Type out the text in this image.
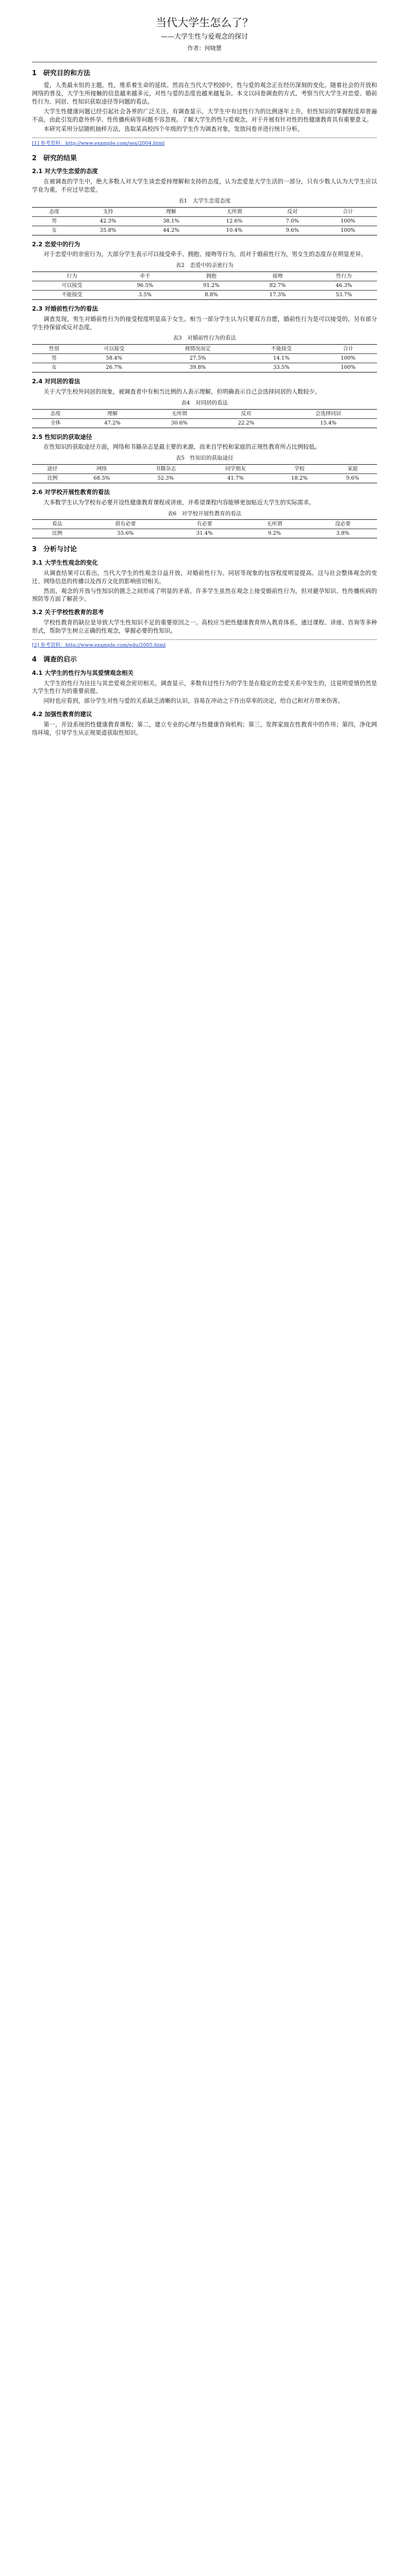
当代大学生怎么了？
——大学生性与爱观念的探讨
作者：何晓慧
1　研究目的和方法

爱，人类最永恒的主题。性，维系着生命的延续。然而在当代大学校园中，性与爱的观念正在经历深刻的变化。随着社会的开放和网络的普及，大学生所接触的信息越来越多元，对性与爱的态度也越来越复杂。本文以问卷调查的方式，考察当代大学生对恋爱、婚前性行为、同居、性知识获取途径等问题的看法。

大学生性健康问题已经引起社会各界的广泛关注。有调查显示，大学生中有过性行为的比例逐年上升，但性知识的掌握程度却普遍不高，由此引发的意外怀孕、性传播疾病等问题不容忽视。了解大学生的性与爱观念，对于开展有针对性的性健康教育具有重要意义。

本研究采用分层随机抽样方法，选取某高校四个年级的学生作为调查对象，发放问卷并进行统计分析。

[1] 参考资料：http://www.example.com/sex/2004.html
2　研究的结果
2.1 对大学生恋爱的态度

在被调查的学生中，绝大多数人对大学生谈恋爱持理解和支持的态度，认为恋爱是大学生活的一部分，只有少数人认为大学生应以学业为重，不应过早恋爱。

表1　大学生恋爱态度
态度	支持	理解	无所谓	反对	合计
男	42.3%	38.1%	12.6%	7.0%	100%
女	35.8%	44.2%	10.4%	9.6%	100%
2.2 恋爱中的行为

对于恋爱中的亲密行为，大部分学生表示可以接受牵手、拥抱、接吻等行为，而对于婚前性行为，男女生的态度存在明显差异。

表2　恋爱中的亲密行为
行为	牵手	拥抱	接吻	性行为
可以接受	96.5%	91.2%	82.7%	46.3%
不能接受	3.5%	8.8%	17.3%	53.7%
2.3 对婚前性行为的看法

调查发现，男生对婚前性行为的接受程度明显高于女生。相当一部分学生认为只要双方自愿，婚前性行为是可以接受的，另有部分学生持保留或反对态度。

表3　对婚前性行为的看法
性别	可以接受	视情况而定	不能接受	合计
男	58.4%	27.5%	14.1%	100%
女	26.7%	39.8%	33.5%	100%
2.4 对同居的看法

关于大学生校外同居的现象，被调查者中有相当比例的人表示理解，但明确表示自己会选择同居的人数较少。

表4　对同居的看法
态度	理解	无所谓	反对	会选择同居
全体	47.2%	30.6%	22.2%	15.4%
2.5 性知识的获取途径

在性知识的获取途径方面，网络和书籍杂志是最主要的来源，而来自学校和家庭的正规性教育所占比例较低。

表5　性知识的获取途径
途径	网络	书籍杂志	同学朋友	学校	家庭
比例	68.5%	52.3%	41.7%	18.2%	9.6%
2.6 对学校开展性教育的看法

大多数学生认为学校有必要开设性健康教育课程或讲座，并希望课程内容能够更加贴近大学生的实际需求。

表6　对学校开展性教育的看法
看法	很有必要	有必要	无所谓	没必要
比例	55.6%	31.4%	9.2%	3.8%
3　分析与讨论
3.1 大学生性观念的变化

从调查结果可以看出，当代大学生的性观念日益开放，对婚前性行为、同居等现象的包容程度明显提高。这与社会整体观念的变迁、网络信息的传播以及西方文化的影响密切相关。

然而，观念的开放与性知识的匮乏之间形成了明显的矛盾。许多学生虽然在观念上接受婚前性行为，但对避孕知识、性传播疾病的预防等方面了解甚少。

3.2 关于学校性教育的思考

学校性教育的缺位是导致大学生性知识不足的重要原因之一。高校应当把性健康教育纳入教育体系，通过课程、讲座、咨询等多种形式，帮助学生树立正确的性观念，掌握必要的性知识。

[2] 参考资料：http://www.example.com/edu/2005.html
4　调查的启示
4.1 大学生的性行为与其爱情观念相关

大学生的性行为往往与其恋爱观念密切相关。调查显示，多数有过性行为的学生是在稳定的恋爱关系中发生的，这说明爱情仍然是大学生性行为的重要前提。

同时也应看到，部分学生对性与爱的关系缺乏清晰的认识，容易在冲动之下作出草率的决定，给自己和对方带来伤害。

4.2 加强性教育的建议

第一，开设系统的性健康教育课程；第二，建立专业的心理与性健康咨询机构；第三，发挥家庭在性教育中的作用；第四，净化网络环境，引导学生从正规渠道获取性知识。
